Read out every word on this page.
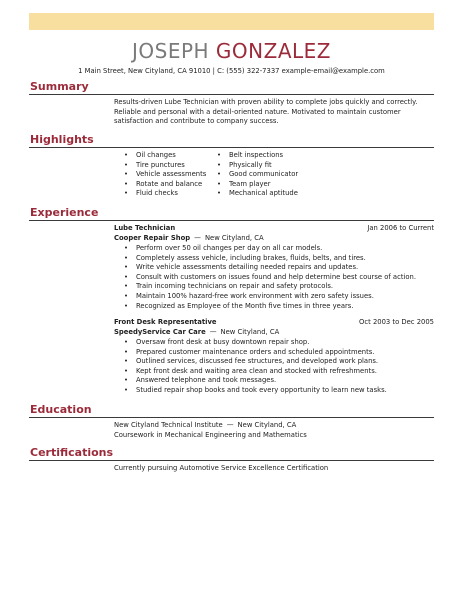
JOSEPH GONZALEZ
1 Main Street, New Cityland, CA 91010 | C: (555) 322-7337 example-email@example.com
Summary
Results-driven Lube Technician with proven ability to complete jobs quickly and correctly. Reliable and personal with a detail-oriented nature. Motivated to maintain customer satisfaction and contribute to company success.
Highlights
• Oil changes
• Tire punctures
• Vehicle assessments
• Rotate and balance
• Fluid checks
• Belt inspections
• Physically fit
• Good communicator
• Team player
• Mechanical aptitude
Experience
Lube Technician	Jan 2006 to Current
Cooper Repair Shop — New Cityland, CA
• Perform over 50 oil changes per day on all car models.
• Completely assess vehicle, including brakes, fluids, belts, and tires.
• Write vehicle assessments detailing needed repairs and updates.
• Consult with customers on issues found and help determine best course of action.
• Train incoming technicians on repair and safety protocols.
• Maintain 100% hazard-free work environment with zero safety issues.
• Recognized as Employee of the Month five times in three years.
Front Desk Representative	Oct 2003 to Dec 2005
SpeedyService Car Care — New Cityland, CA
• Oversaw front desk at busy downtown repair shop.
• Prepared customer maintenance orders and scheduled appointments.
• Outlined services, discussed fee structures, and developed work plans.
• Kept front desk and waiting area clean and stocked with refreshments.
• Answered telephone and took messages.
• Studied repair shop books and took every opportunity to learn new tasks.
Education
New Cityland Technical Institute — New Cityland, CA
Coursework in Mechanical Engineering and Mathematics
Certifications
Currently pursuing Automotive Service Excellence Certification
